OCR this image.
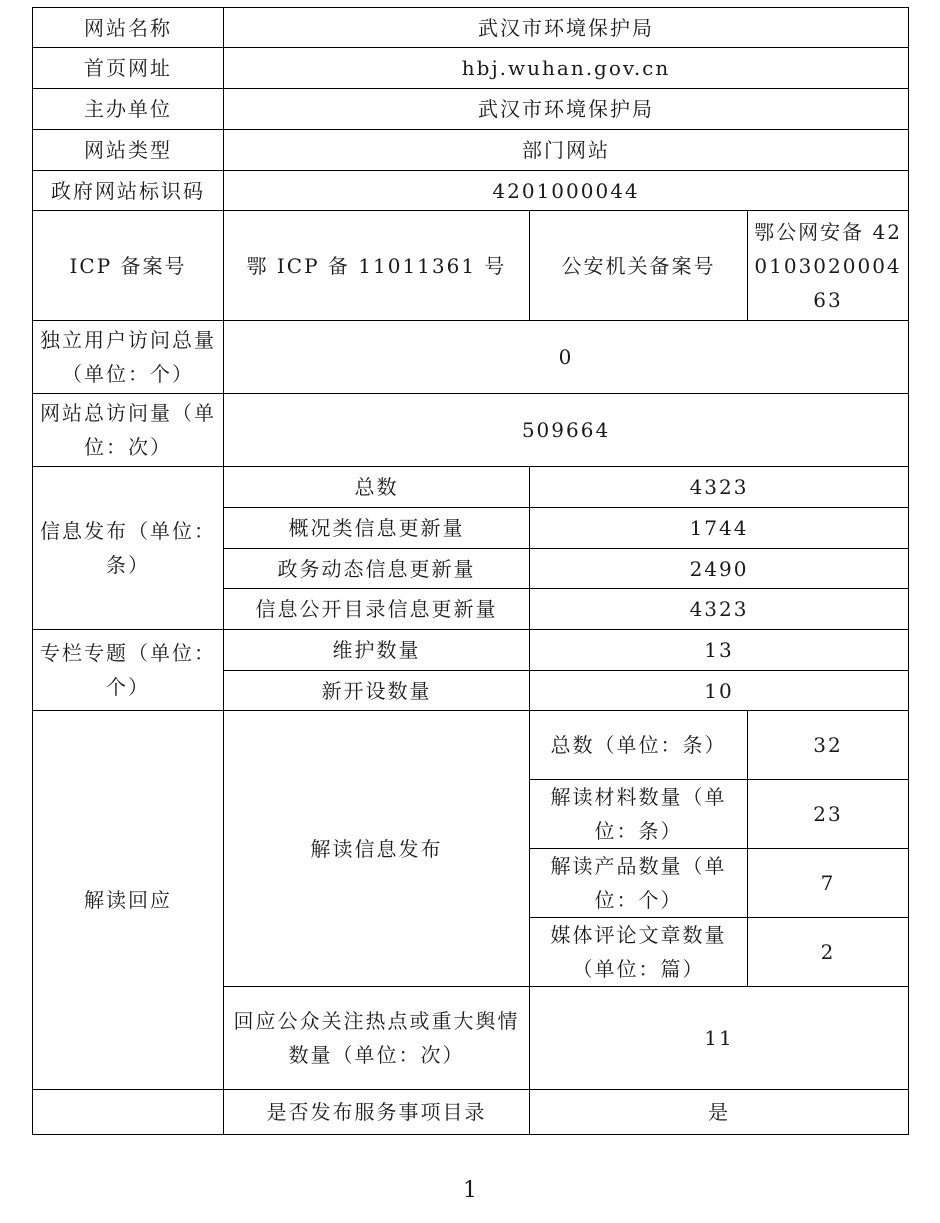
网站名称	武汉市环境保护局		
首页网址	hbj.wuhan.gov.cn		
主办单位	武汉市环境保护局		
网站类型	部门网站		
政府网站标识码	4201000044		
ICP 备案号	鄂 ICP 备 11011361 号	公安机关备案号	鄂公网安备 42010302000463
独立用户访问总量（单位：个）	0		
网站总访问量（单位：次）	509664		
信息发布（单位：条）	总数	4323	
	概况类信息更新量	1744	
	政务动态信息更新量	2490	
	信息公开目录信息更新量	4323	
专栏专题（单位：个）	维护数量	13	
	新开设数量	10	
解读回应	解读信息发布	总数（单位：条）	32
		解读材料数量（单位：条）	23
		解读产品数量（单位：个）	7
		媒体评论文章数量（单位：篇）	2
	回应公众关注热点或重大舆情数量（单位：次）	11	
	是否发布服务事项目录	是	
1
